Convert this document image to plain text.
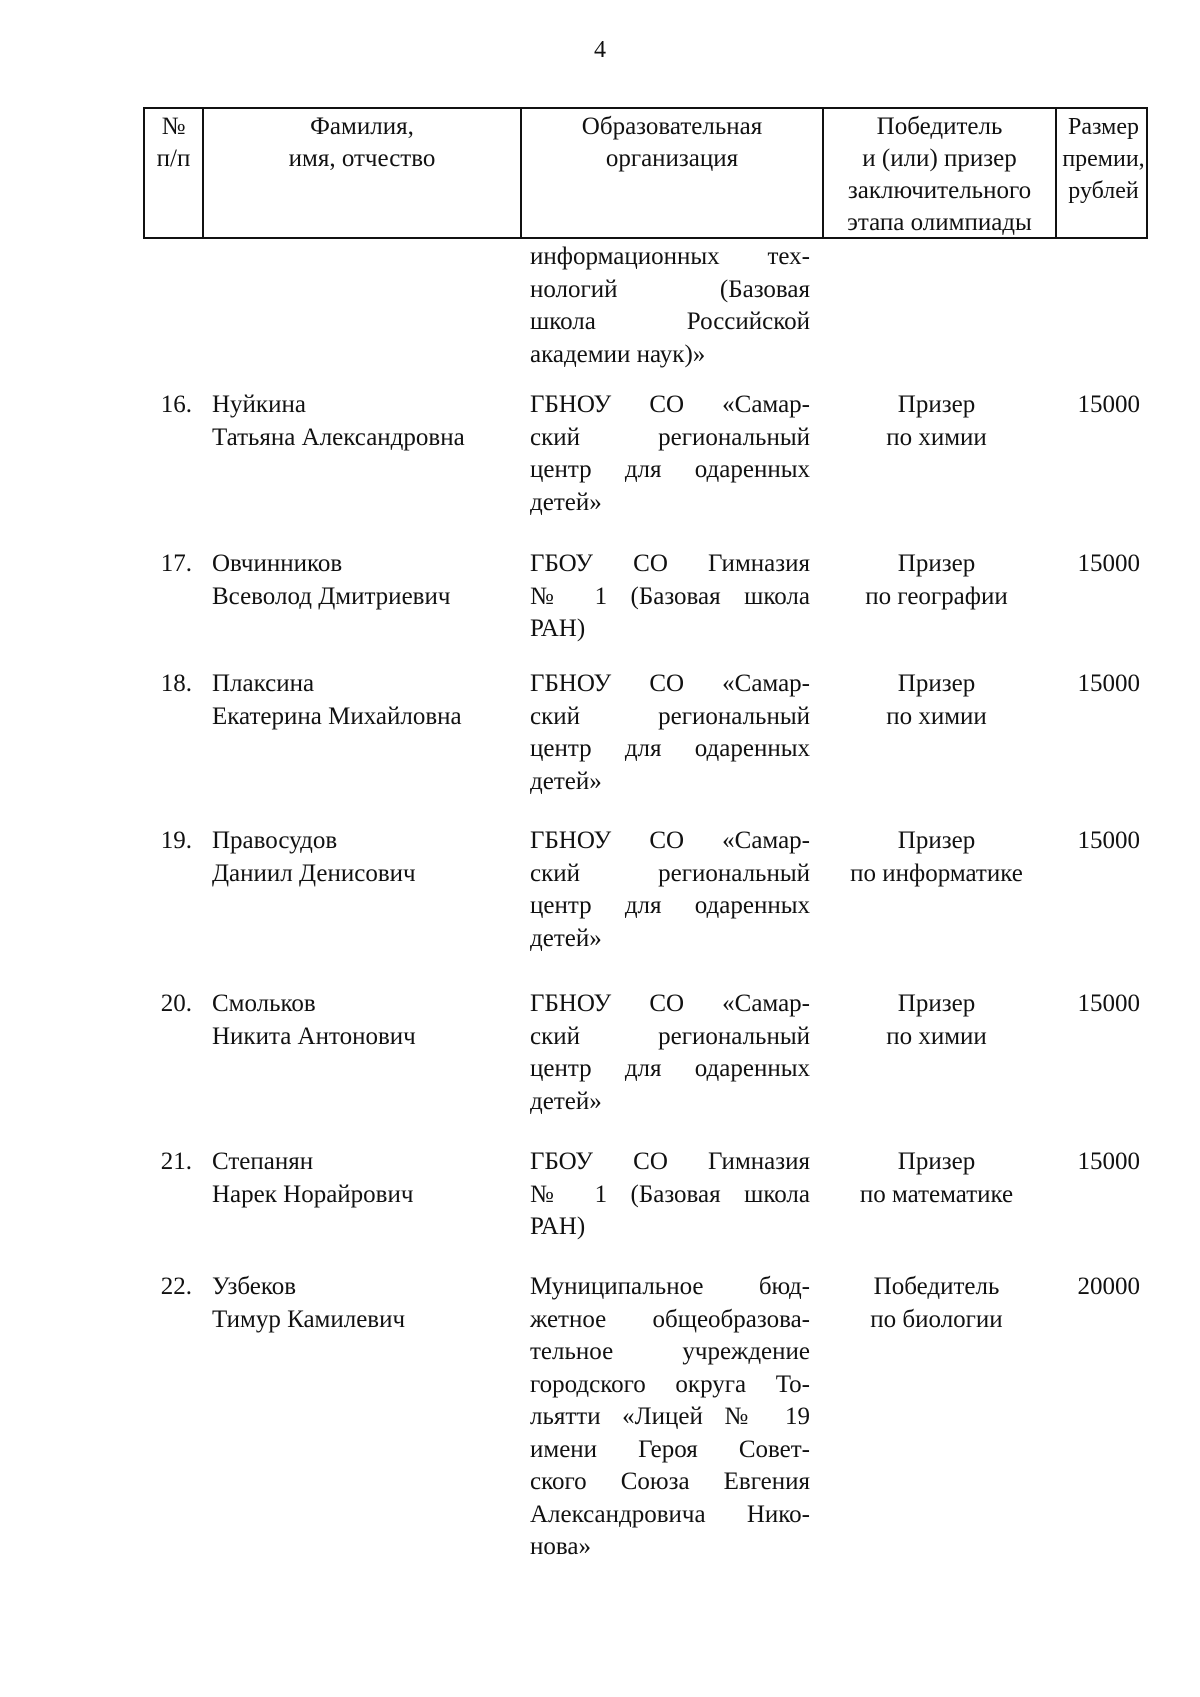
4
№
п/п
Фамилия,
имя, отчество
Образовательная
организация
Победитель
и (или) призер
заключительного
этапа олимпиады
Размер
премии,
рублей
информационных тех-
нологий (Базовая
школа Российской
академии наук)»
16. Нуйкина
Татьяна Александровна
ГБНОУ СО «Самар-
ский региональный
центр для одаренных
детей»
Призер
по химии
15000
17. Овчинников
Всеволод Дмитриевич
ГБОУ СО Гимназия
№ 1 (Базовая школа
РАН)
Призер
по географии
15000
18. Плаксина
Екатерина Михайловна
ГБНОУ СО «Самар-
ский региональный
центр для одаренных
детей»
Призер
по химии
15000
19. Правосудов
Даниил Денисович
ГБНОУ СО «Самар-
ский региональный
центр для одаренных
детей»
Призер
по информатике
15000
20. Смольков
Никита Антонович
ГБНОУ СО «Самар-
ский региональный
центр для одаренных
детей»
Призер
по химии
15000
21. Степанян
Нарек Норайрович
ГБОУ СО Гимназия
№ 1 (Базовая школа
РАН)
Призер
по математике
15000
22. Узбеков
Тимур Камилевич
Муниципальное бюд-
жетное общеобразова-
тельное учреждение
городского округа То-
льятти «Лицей № 19
имени Героя Совет-
ского Союза Евгения
Александровича Нико-
нова»
Победитель
по биологии
20000
